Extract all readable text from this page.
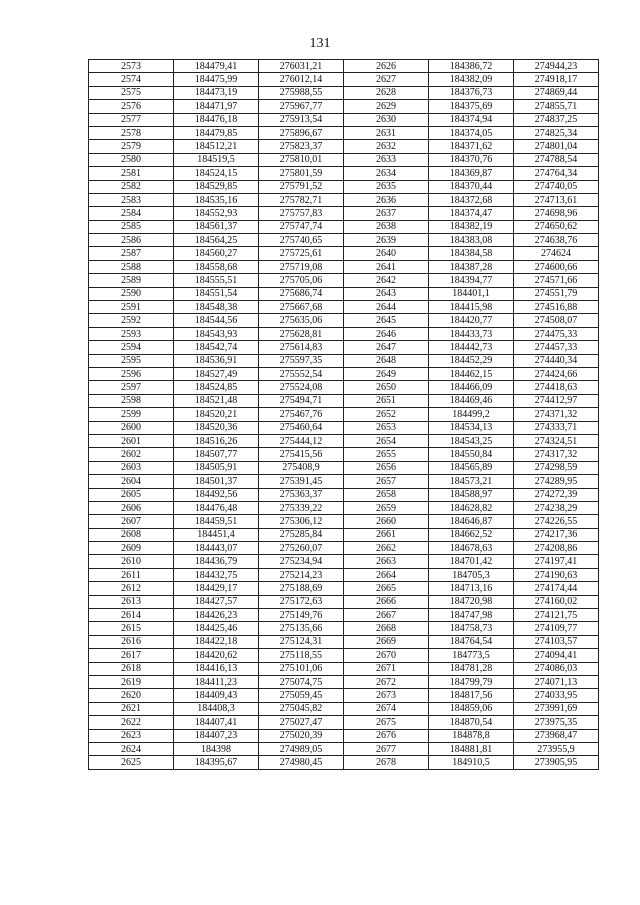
131
2573	184479,41	276031,21	2626	184386,72	274944,23
2574	184475,99	276012,14	2627	184382,09	274918,17
2575	184473,19	275988,55	2628	184376,73	274869,44
2576	184471,97	275967,77	2629	184375,69	274855,71
2577	184476,18	275913,54	2630	184374,94	274837,25
2578	184479,85	275896,67	2631	184374,05	274825,34
2579	184512,21	275823,37	2632	184371,62	274801,04
2580	184519,5	275810,01	2633	184370,76	274788,54
2581	184524,15	275801,59	2634	184369,87	274764,34
2582	184529,85	275791,52	2635	184370,44	274740,05
2583	184535,16	275782,71	2636	184372,68	274713,61
2584	184552,93	275757,83	2637	184374,47	274698,96
2585	184561,37	275747,74	2638	184382,19	274650,62
2586	184564,25	275740,65	2639	184383,08	274638,76
2587	184560,27	275725,61	2640	184384,58	274624
2588	184558,68	275719,08	2641	184387,28	274600,66
2589	184555,51	275705,06	2642	184394,77	274571,66
2590	184551,54	275686,74	2643	184401,1	274551,79
2591	184548,38	275667,68	2644	184415,98	274516,88
2592	184544,56	275635,06	2645	184420,77	274508,07
2593	184543,93	275628,81	2646	184433,73	274475,33
2594	184542,74	275614,83	2647	184442,73	274457,33
2595	184536,91	275597,35	2648	184452,29	274440,34
2596	184527,49	275552,54	2649	184462,15	274424,66
2597	184524,85	275524,08	2650	184466,09	274418,63
2598	184521,48	275494,71	2651	184469,46	274412,97
2599	184520,21	275467,76	2652	184499,2	274371,32
2600	184520,36	275460,64	2653	184534,13	274333,71
2601	184516,26	275444,12	2654	184543,25	274324,51
2602	184507,77	275415,56	2655	184550,84	274317,32
2603	184505,91	275408,9	2656	184565,89	274298,59
2604	184501,37	275391,45	2657	184573,21	274289,95
2605	184492,56	275363,37	2658	184588,97	274272,39
2606	184476,48	275339,22	2659	184628,82	274238,29
2607	184459,51	275306,12	2660	184646,87	274226,55
2608	184451,4	275285,84	2661	184662,52	274217,36
2609	184443,07	275260,07	2662	184678,63	274208,86
2610	184436,79	275234,94	2663	184701,42	274197,41
2611	184432,75	275214,23	2664	184705,3	274190,63
2612	184429,17	275188,69	2665	184713,16	274174,44
2613	184427,57	275172,63	2666	184720,98	274160,02
2614	184426,23	275149,76	2667	184747,98	274121,75
2615	184425,46	275135,66	2668	184758,73	274109,77
2616	184422,18	275124,31	2669	184764,54	274103,57
2617	184420,62	275118,55	2670	184773,5	274094,41
2618	184416,13	275101,06	2671	184781,28	274086,03
2619	184411,23	275074,75	2672	184799,79	274071,13
2620	184409,43	275059,45	2673	184817,56	274033,95
2621	184408,3	275045,82	2674	184859,06	273991,69
2622	184407,41	275027,47	2675	184870,54	273975,35
2623	184407,23	275020,39	2676	184878,8	273968,47
2624	184398	274989,05	2677	184881,81	273955,9
2625	184395,67	274980,45	2678	184910,5	273905,95
